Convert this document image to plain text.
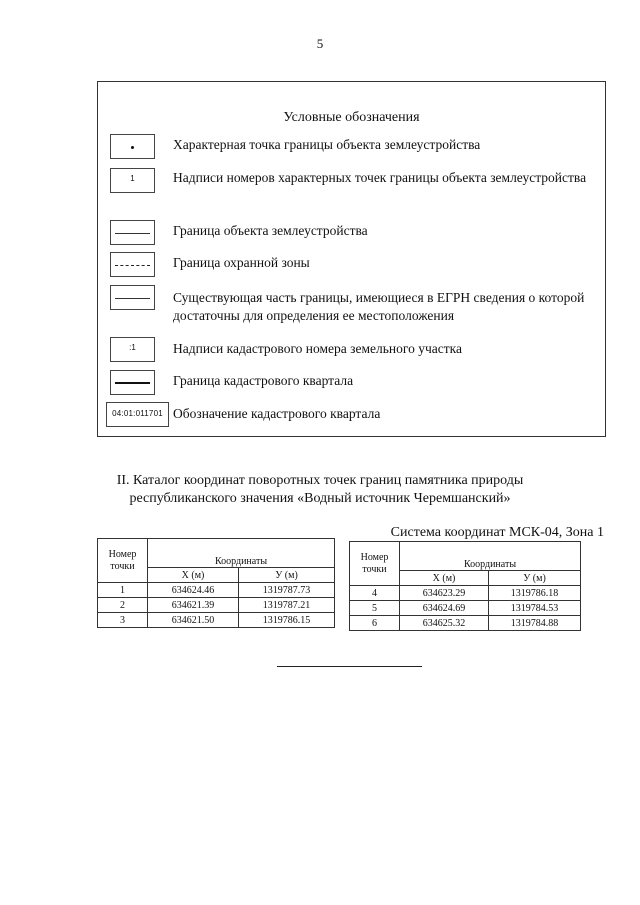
5
Условные обозначения
Характерная точка границы объекта землеустройства
1	Надписи номеров характерных точек границы объекта землеустройства
Граница объекта землеустройства
Граница охранной зоны
Существующая часть границы, имеющиеся в ЕГРН сведения о которой достаточны для определения ее местоположения
:1	Надписи кадастрового номера земельного участка
Граница кадастрового квартала
04:01:011701 Обозначение кадастрового квартала
II. Каталог координат поворотных точек границ памятника природы
республиканского значения «Водный источник Черемшанский»
Система координат МСК-04, Зона 1
Номер
точки	Координаты	
	X (м)	У (м)
1	634624.46	1319787.73
2	634621.39	1319787.21
3	634621.50	1319786.15
Номер
точки	Координаты	
	X (м)	У (м)
4	634623.29	1319786.18
5	634624.69	1319784.53
6	634625.32	1319784.88
